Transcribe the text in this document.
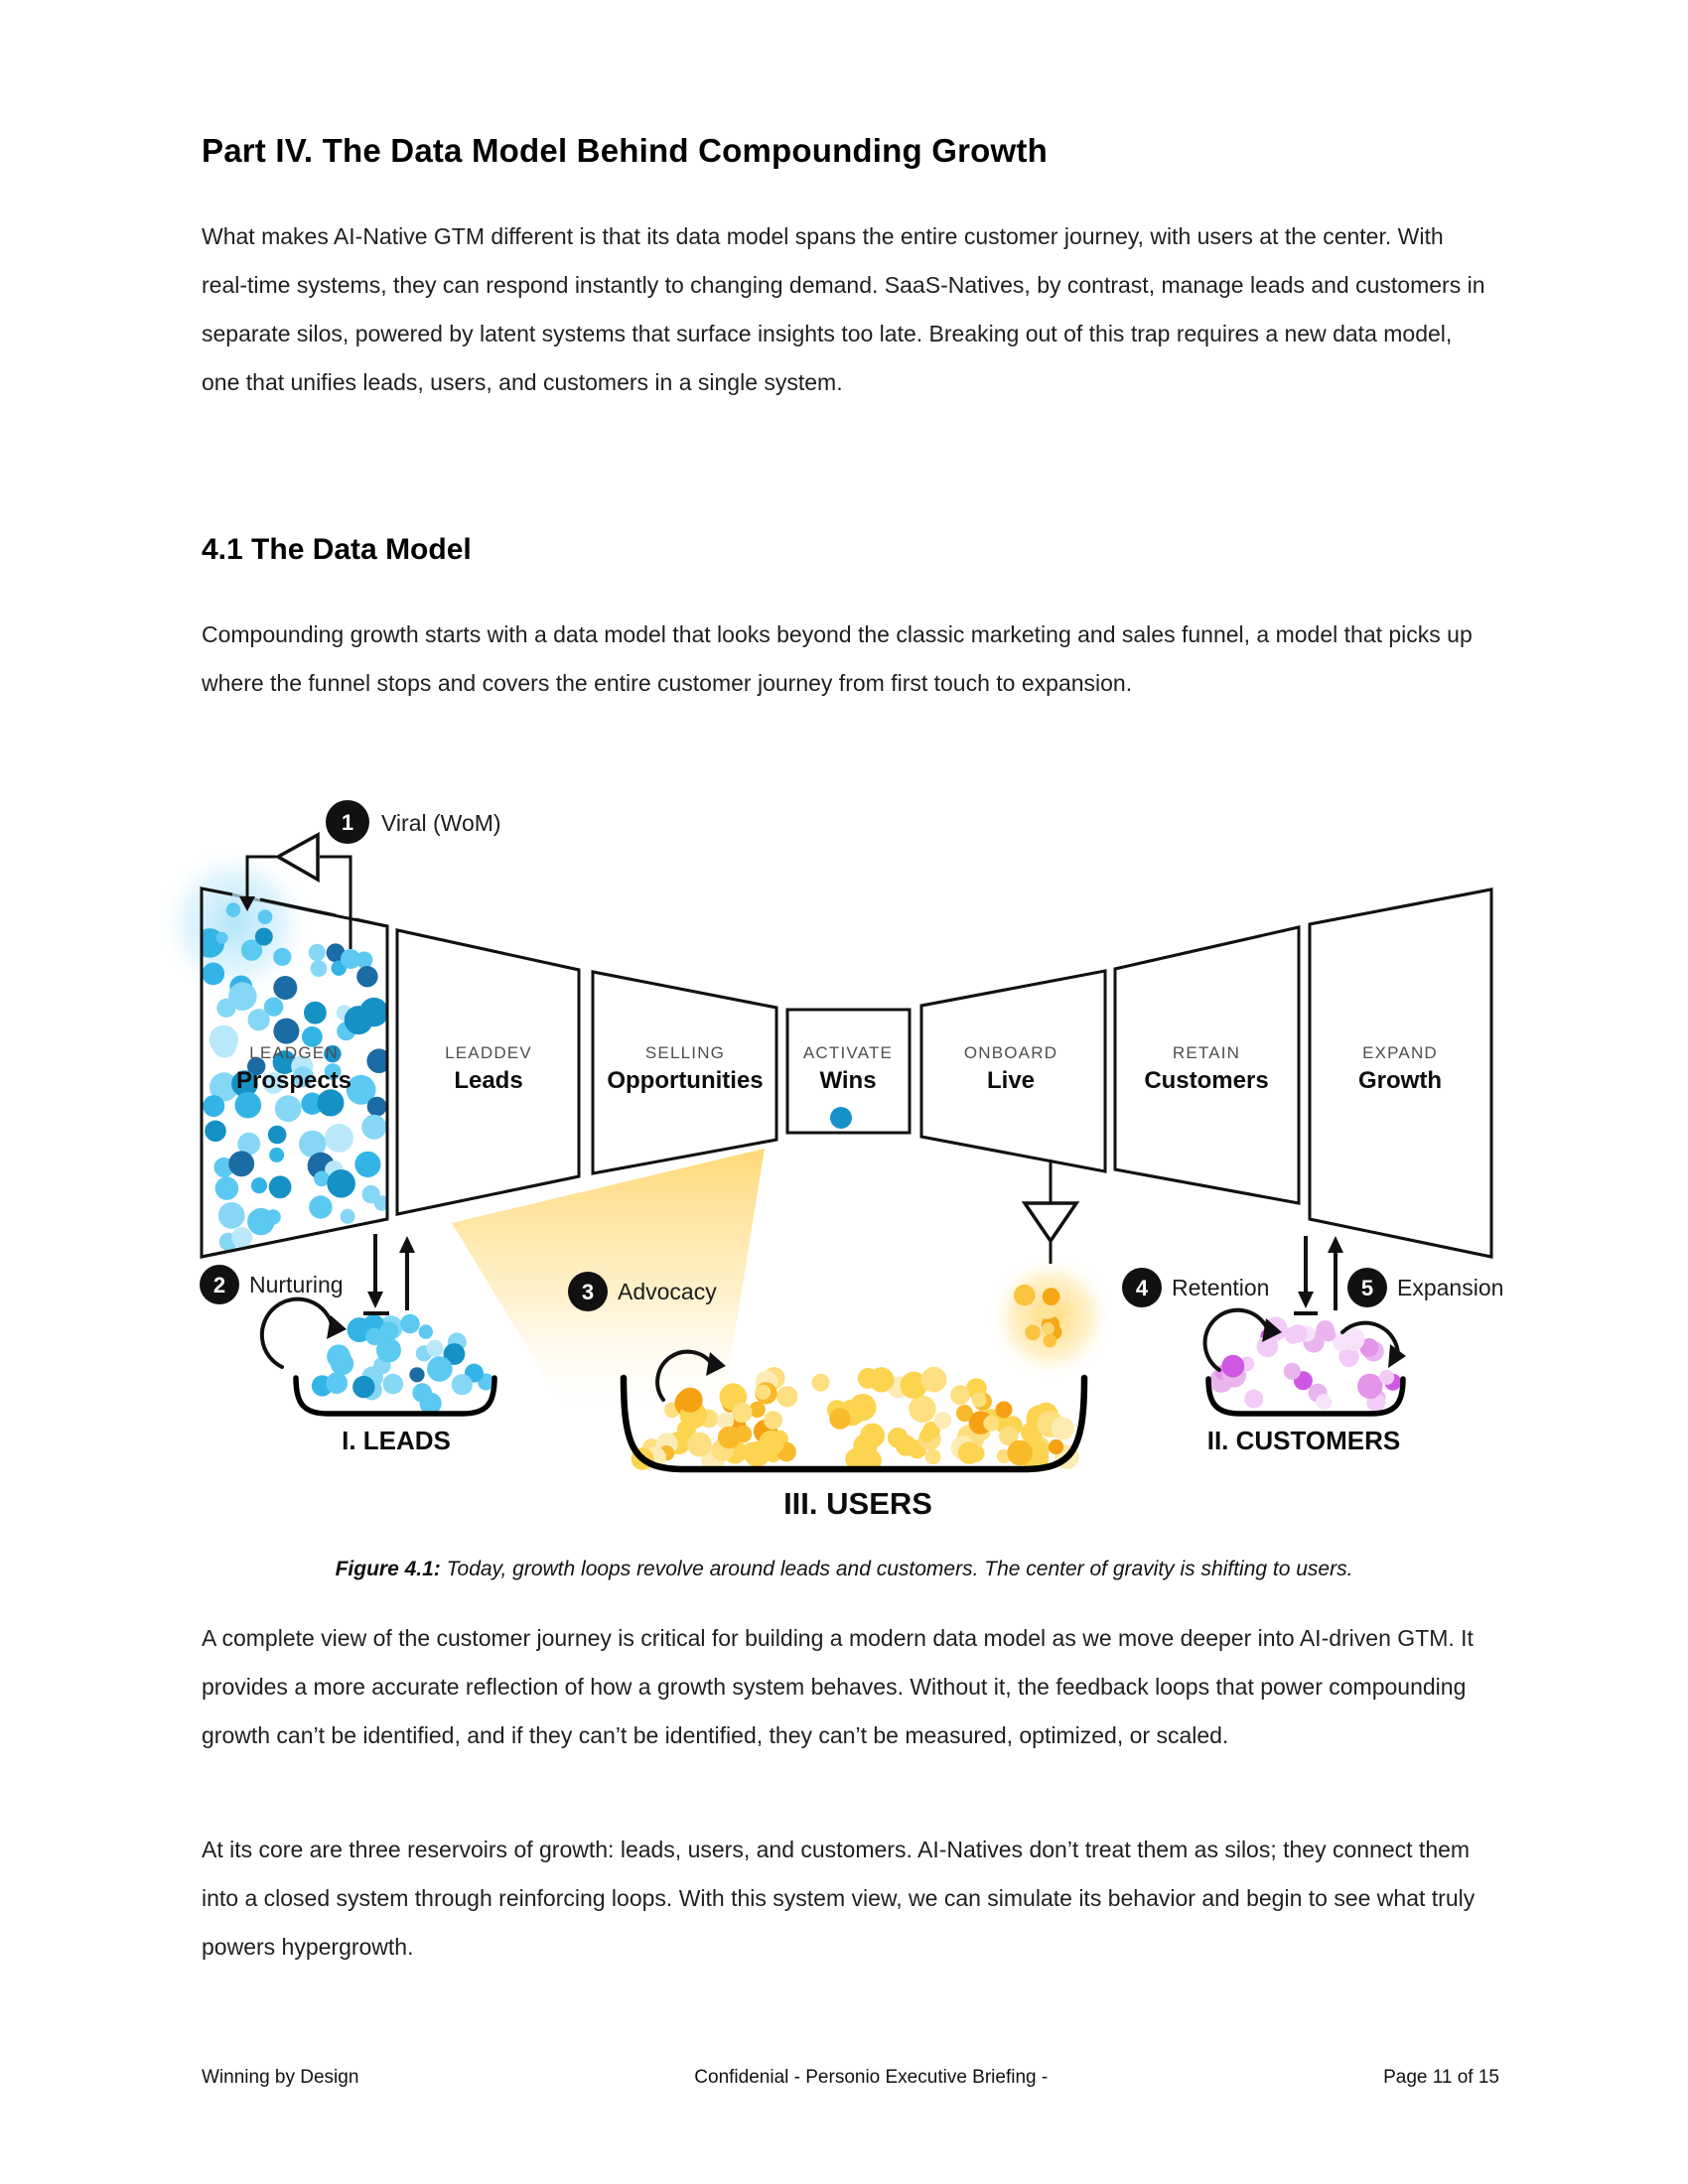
Part IV. The Data Model Behind Compounding Growth

What makes AI-Native GTM different is that its data model spans the entire customer journey, with users at the center. With real-time systems, they can respond instantly to changing demand. SaaS-Natives, by contrast, manage leads and customers in separate silos, powered by latent systems that surface insights too late. Breaking out of this trap requires a new data model, one that unifies leads, users, and customers in a single system.

4.1 The Data Model

Compounding growth starts with a data model that looks beyond the classic marketing and sales funnel, a model that picks up where the funnel stops and covers the entire customer journey from first touch to expansion.

1 Viral (WoM)
2 Nurturing	3 Advocacy	4 Retention	5 Expansion
LEADGEN
Prospects
LEADDEV
Leads
SELLING
Opportunities
ACTIVATE
Wins
ONBOARD
Live
RETAIN
Customers
EXPAND
Growth
I. LEADS
III. USERS
II. CUSTOMERS

Figure 4.1: Today, growth loops revolve around leads and customers. The center of gravity is shifting to users.

A complete view of the customer journey is critical for building a modern data model as we move deeper into AI-driven GTM. It provides a more accurate reflection of how a growth system behaves. Without it, the feedback loops that power compounding growth can’t be identified, and if they can’t be identified, they can’t be measured, optimized, or scaled.

At its core are three reservoirs of growth: leads, users, and customers. AI-Natives don’t treat them as silos; they connect them into a closed system through reinforcing loops. With this system view, we can simulate its behavior and begin to see what truly powers hypergrowth.

Winning by Design	Confidenial - Personio Executive Briefing -	Page 11 of 15
